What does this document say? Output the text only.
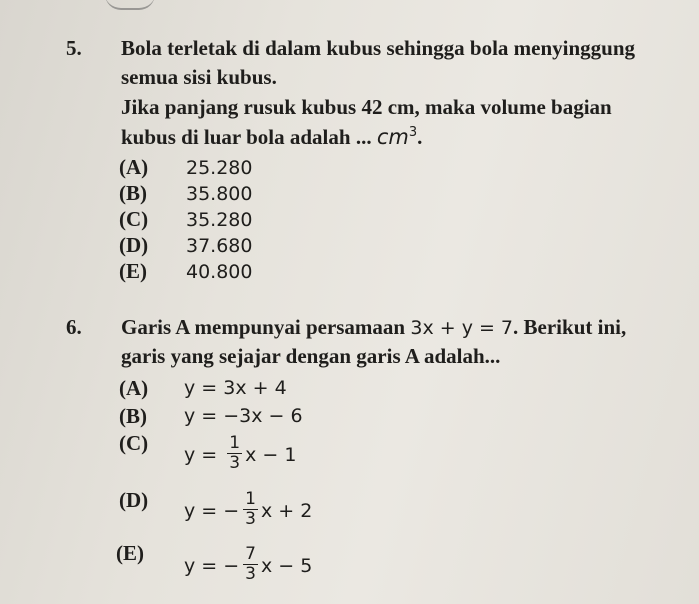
5. Bola terletak di dalam kubus sehingga bola menyinggung
semua sisi kubus.
Jika panjang rusuk kubus 42 cm, maka volume bagian
kubus di luar bola adalah ... $cm^3$.
(A) 25.280
(B) 35.800
(C) 35.280
(D) 37.680
(E) 40.800
6. Garis A mempunyai persamaan 3x + y = 7. Berikut ini,
garis yang sejajar dengan garis A adalah...
(A) y = 3x + 4
(B) y = −3x − 6
(C) $y = \frac{1}{3}$ x − 1
(D) y = − $\frac{1}{3}$ x + 2
(E)
y = − $\frac{7}{3}$ x − 5
